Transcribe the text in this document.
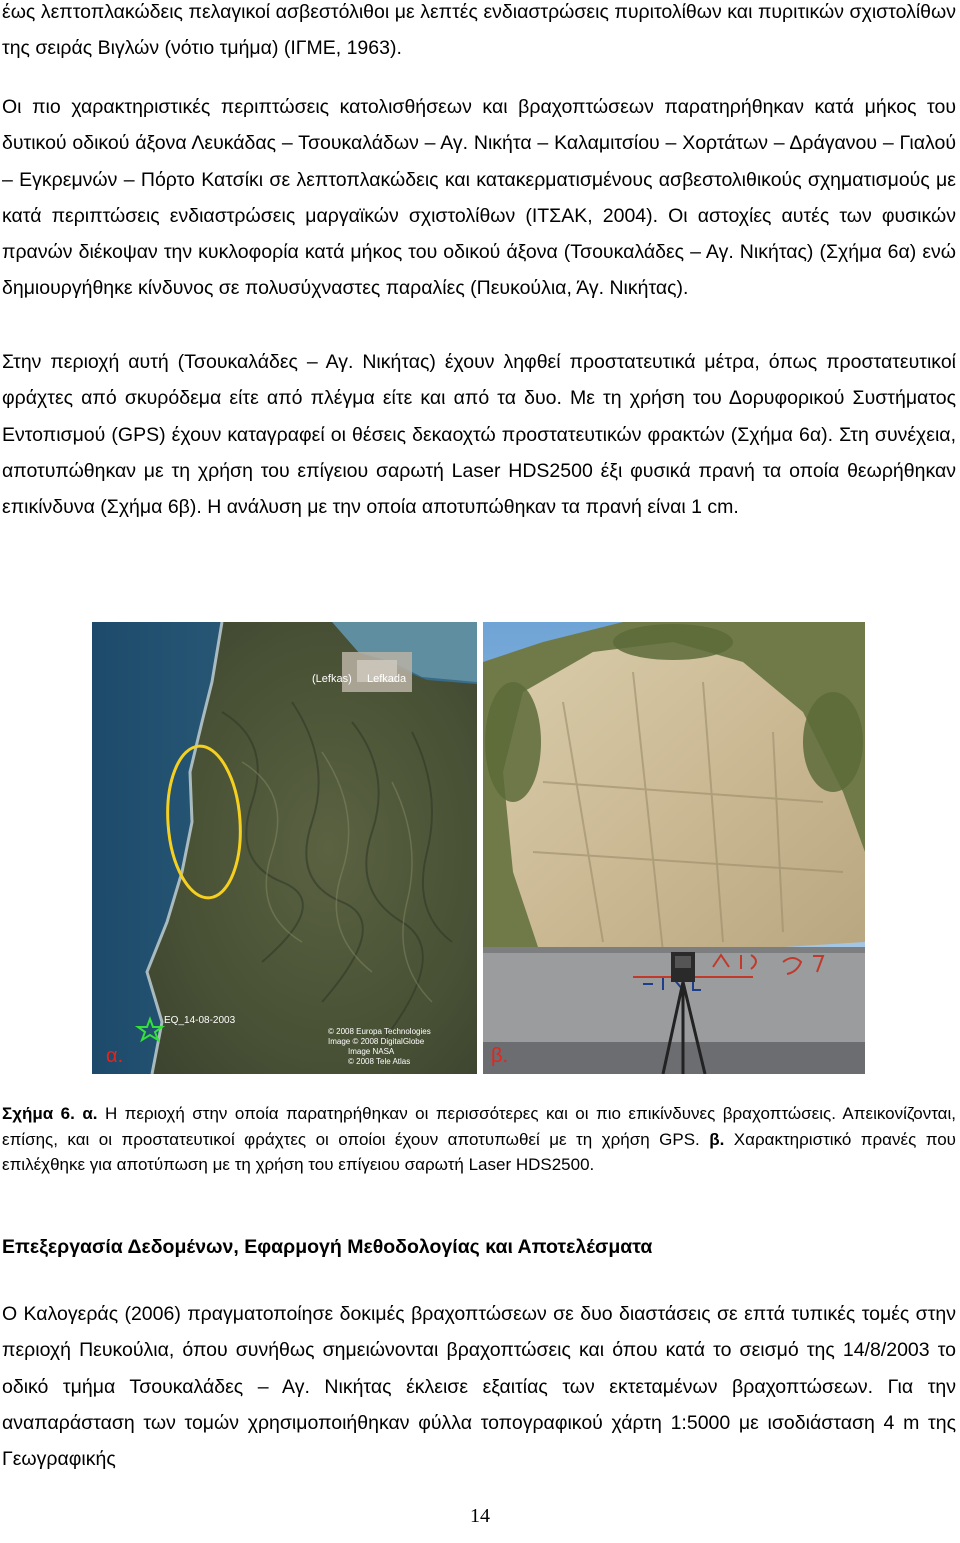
έως λεπτοπλακώδεις πελαγικοί ασβεστόλιθοι με λεπτές ενδιαστρώσεις πυριτολίθων και πυριτικών σχιστολίθων της σειράς Βιγλών (νότιο τμήμα) (ΙΓΜΕ, 1963).

Οι πιο χαρακτηριστικές περιπτώσεις κατολισθήσεων και βραχοπτώσεων παρατηρήθηκαν κατά μήκος του δυτικού οδικού άξονα Λευκάδας – Τσουκαλάδων – Αγ. Νικήτα – Καλαμιτσίου – Χορτάτων – Δράγανου – Γιαλού – Εγκρεμνών – Πόρτο Κατσίκι σε λεπτοπλακώδεις και κατακερματισμένους ασβεστολιθικούς σχηματισμούς με κατά περιπτώσεις ενδιαστρώσεις μαργαϊκών σχιστολίθων (ΙΤΣΑΚ, 2004). Οι αστοχίες αυτές των φυσικών πρανών διέκοψαν την κυκλοφορία κατά μήκος του οδικού άξονα (Τσουκαλάδες – Αγ. Νικήτας) (Σχήμα 6α) ενώ δημιουργήθηκε κίνδυνος σε πολυσύχναστες παραλίες (Πευκούλια, Άγ. Νικήτας).

Στην περιοχή αυτή (Τσουκαλάδες – Αγ. Νικήτας) έχουν ληφθεί προστατευτικά μέτρα, όπως προστατευτικοί φράχτες από σκυρόδεμα είτε από πλέγμα είτε και από τα δυο. Με τη χρήση του Δορυφορικού Συστήματος Εντοπισμού (GPS) έχουν καταγραφεί οι θέσεις δεκαοχτώ προστατευτικών φρακτών (Σχήμα 6α). Στη συνέχεια, αποτυπώθηκαν με τη χρήση του επίγειου σαρωτή Laser HDS2500 έξι φυσικά πρανή τα οποία θεωρήθηκαν επικίνδυνα (Σχήμα 6β). Η ανάλυση με την οποία αποτυπώθηκαν τα πρανή είναι 1 cm.

EQ_14-08-2003
(Lefkas) Lefkada
© 2008 Europa Technologies
Image © 2008 DigitalGlobe
Image NASA
© 2008 Tele Atlas
α.	β.

Σχήμα 6. α. Η περιοχή στην οποία παρατηρήθηκαν οι περισσότερες και οι πιο επικίνδυνες βραχοπτώσεις. Απεικονίζονται, επίσης, και οι προστατευτικοί φράχτες οι οποίοι έχουν αποτυπωθεί με τη χρήση GPS. β. Χαρακτηριστικό πρανές που επιλέχθηκε για αποτύπωση με τη χρήση του επίγειου σαρωτή Laser HDS2500.

Επεξεργασία Δεδομένων, Εφαρμογή Μεθοδολογίας και Αποτελέσματα

Ο Καλογεράς (2006) πραγματοποίησε δοκιμές βραχοπτώσεων σε δυο διαστάσεις σε επτά τυπικές τομές στην περιοχή Πευκούλια, όπου συνήθως σημειώνονται βραχοπτώσεις και όπου κατά το σεισμό της 14/8/2003 το οδικό τμήμα Τσουκαλάδες – Αγ. Νικήτας έκλεισε εξαιτίας των εκτεταμένων βραχοπτώσεων. Για την αναπαράσταση των τομών χρησιμοποιήθηκαν φύλλα τοπογραφικού χάρτη 1:5000 με ισοδιάσταση 4 m της Γεωγραφικής

14
